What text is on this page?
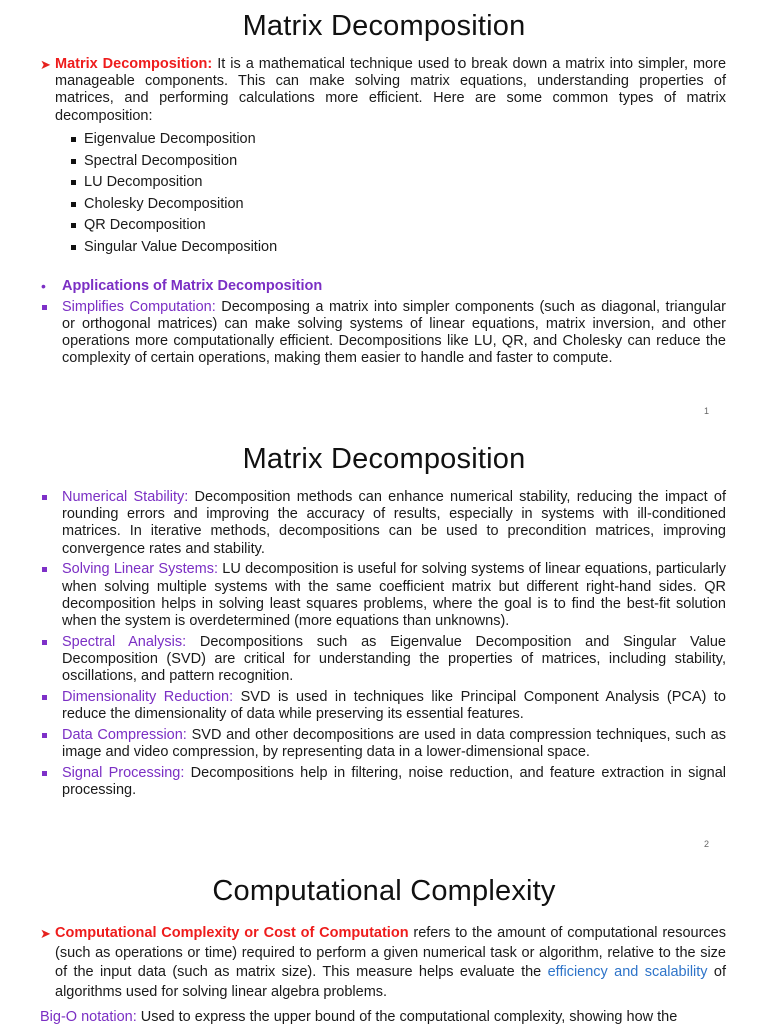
Matrix Decomposition
➤ Matrix Decomposition: It is a mathematical technique used to break down a matrix into simpler, more manageable components. This can make solving matrix equations, understanding properties of matrices, and performing calculations more efficient. Here are some common types of matrix decomposition:
Eigenvalue Decomposition
Spectral Decomposition
LU Decomposition
Cholesky Decomposition
QR Decomposition
Singular Value Decomposition
• Applications of Matrix Decomposition
Simplifies Computation: Decomposing a matrix into simpler components (such as diagonal, triangular or orthogonal matrices) can make solving systems of linear equations, matrix inversion, and other operations more computationally efficient. Decompositions like LU, QR, and Cholesky can reduce the complexity of certain operations, making them easier to handle and faster to compute.
1
Matrix Decomposition
Numerical Stability: Decomposition methods can enhance numerical stability, reducing the impact of rounding errors and improving the accuracy of results, especially in systems with ill-conditioned matrices. In iterative methods, decompositions can be used to precondition matrices, improving convergence rates and stability.
Solving Linear Systems: LU decomposition is useful for solving systems of linear equations, particularly when solving multiple systems with the same coefficient matrix but different right-hand sides. QR decomposition helps in solving least squares problems, where the goal is to find the best-fit solution when the system is overdetermined (more equations than unknowns).
Spectral Analysis: Decompositions such as Eigenvalue Decomposition and Singular Value Decomposition (SVD) are critical for understanding the properties of matrices, including stability, oscillations, and pattern recognition.
Dimensionality Reduction: SVD is used in techniques like Principal Component Analysis (PCA) to reduce the dimensionality of data while preserving its essential features.
Data Compression: SVD and other decompositions are used in data compression techniques, such as image and video compression, by representing data in a lower-dimensional space.
Signal Processing: Decompositions help in filtering, noise reduction, and feature extraction in signal processing.
2
Computational Complexity
➤ Computational Complexity or Cost of Computation refers to the amount of computational resources (such as operations or time) required to perform a given numerical task or algorithm, relative to the size of the input data (such as matrix size). This measure helps evaluate the efficiency and scalability of algorithms used for solving linear algebra problems.
Big-O notation: Used to express the upper bound of the computational complexity, showing how the
